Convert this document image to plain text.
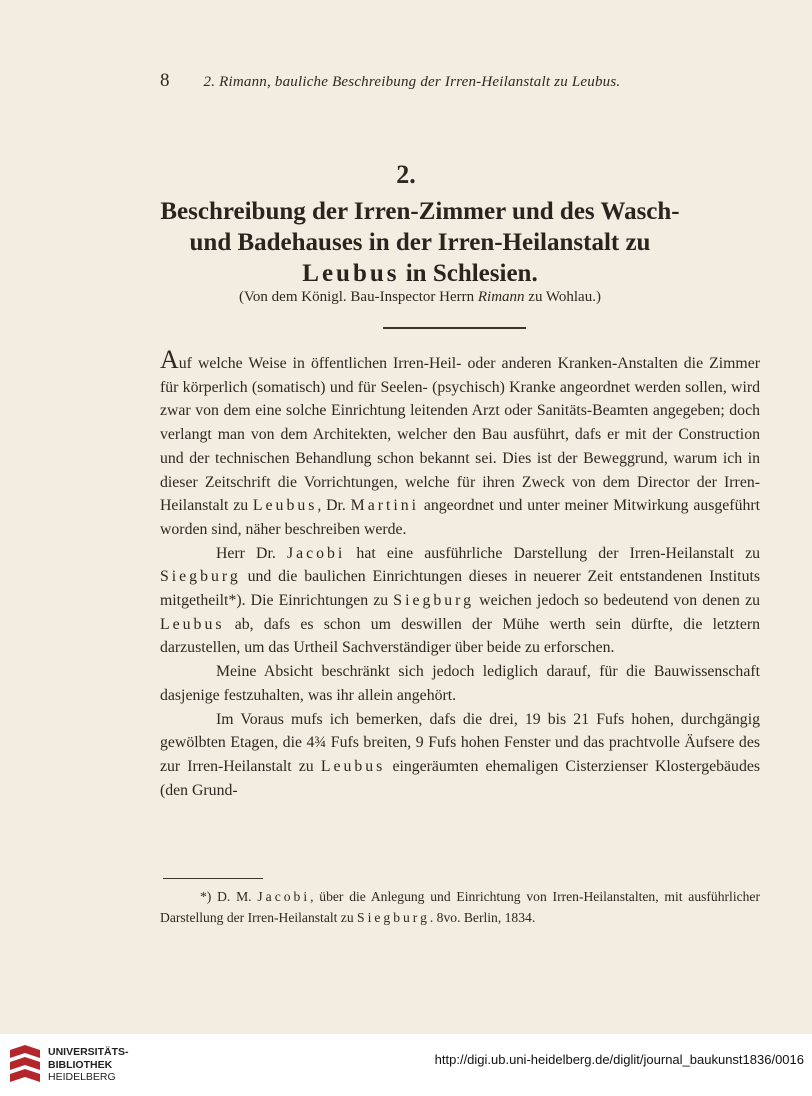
8 2. Rimann, bauliche Beschreibung der Irren-Heilanstalt zu Leubus.
2.
Beschreibung der Irren-Zimmer und des Wasch-
und Badehauses in der Irren-Heilanstalt zu
Leubus in Schlesien.
(Von dem Königl. Bau-Inspector Herrn Rimann zu Wohlau.)

Auf welche Weise in öffentlichen Irren-Heil- oder anderen Kranken-Anstalten die Zimmer für körperlich (somatisch) und für Seelen- (psychisch) Kranke angeordnet werden sollen, wird zwar von dem eine solche Einrichtung leitenden Arzt oder Sanitäts-Beamten angegeben; doch verlangt man von dem Architekten, welcher den Bau ausführt, dafs er mit der Construction und der technischen Behandlung schon bekannt sei. Dies ist der Beweggrund, warum ich in dieser Zeitschrift die Vorrichtungen, welche für ihren Zweck von dem Director der Irren-Heilanstalt zu Leubus, Dr. Martini angeordnet und unter meiner Mitwirkung ausgeführt worden sind, näher beschreiben werde.

Herr Dr. Jacobi hat eine ausführliche Darstellung der Irren-Heilanstalt zu Siegburg und die baulichen Einrichtungen dieses in neuerer Zeit entstandenen Instituts mitgetheilt*). Die Einrichtungen zu Siegburg weichen jedoch so bedeutend von denen zu Leubus ab, dafs es schon um deswillen der Mühe werth sein dürfte, die letztern darzustellen, um das Urtheil Sachverständiger über beide zu erforschen.

Meine Absicht beschränkt sich jedoch lediglich darauf, für die Bauwissenschaft dasjenige festzuhalten, was ihr allein angehört.

Im Voraus mufs ich bemerken, dafs die drei, 19 bis 21 Fufs hohen, durchgängig gewölbten Etagen, die 4¾ Fufs breiten, 9 Fufs hohen Fenster und das prachtvolle Äufsere des zur Irren-Heilanstalt zu Leubus eingeräumten ehemaligen Cisterzienser Klostergebäudes (den Grund-

*) D. M. Jacobi, über die Anlegung und Einrichtung von Irren-Heilanstalten, mit ausführlicher Darstellung der Irren-Heilanstalt zu Siegburg. 8vo. Berlin, 1834.

UNIVERSITÄTS-
BIBLIOTHEK
HEIDELBERG
http://digi.ub.uni-heidelberg.de/diglit/journal_baukunst1836/0016
